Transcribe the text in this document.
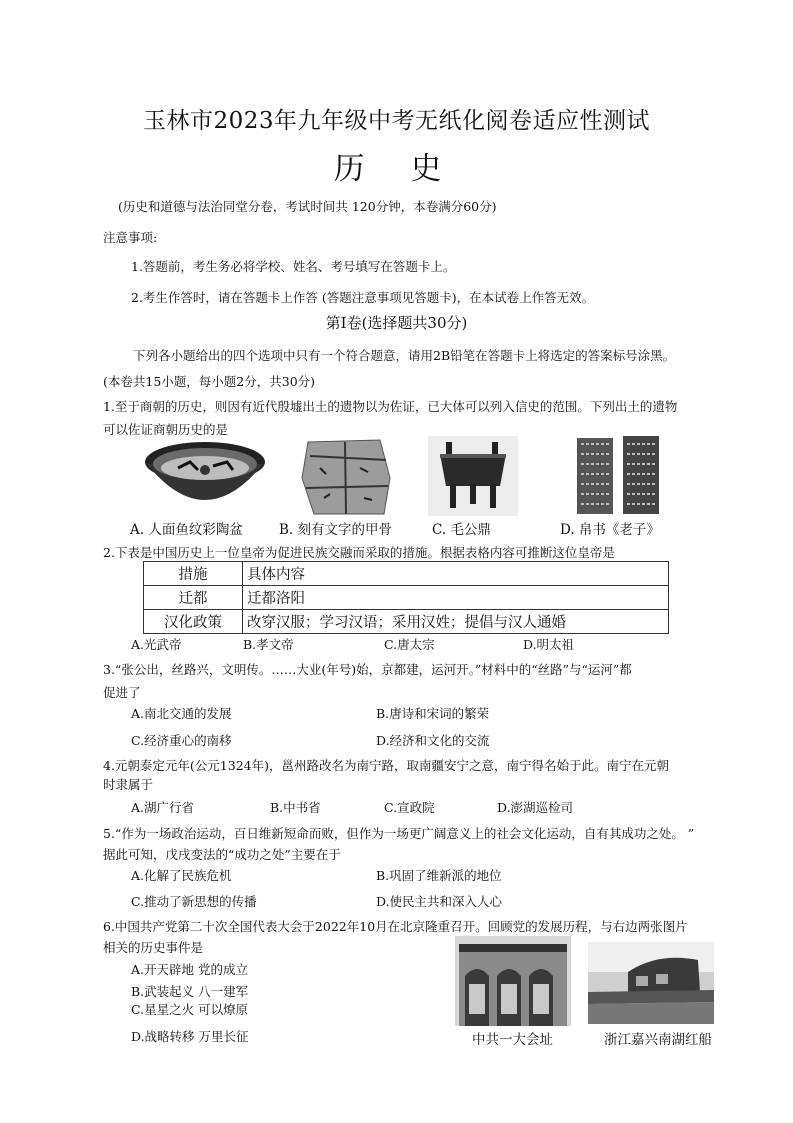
玉林市2023年九年级中考无纸化阅卷适应性测试
历 史
(历史和道德与法治同堂分卷，考试时间共 120分钟，本卷满分60分)
注意事项:
1.答题前，考生务必将学校、姓名、考号填写在答题卡上。
2.考生作答时，请在答题卡上作答 (答题注意事项见答题卡)，在本试卷上作答无效。
第Ⅰ卷(选择题共30分)
下列各小题给出的四个选项中只有一个符合题意，请用2B铅笔在答题卡上将选定的答案标号涂黑。
(本卷共15小题，每小题2分，共30分)
1.至于商朝的历史，则因有近代殷墟出土的遗物以为佐证，已大体可以列入信史的范围。下列出土的遗物
可以佐证商朝历史的是
A. 人面鱼纹彩陶盆	B. 刻有文字的甲骨	C. 毛公鼎	D. 帛书《老子》
2.下表是中国历史上一位皇帝为促进民族交融而采取的措施。根据表格内容可推断这位皇帝是
措施	具体内容
迁都	迁都洛阳
汉化政策	改穿汉服；学习汉语；采用汉姓；提倡与汉人通婚
A.光武帝	B.孝文帝	C.唐太宗	D.明太祖
3.“张公出，丝路兴，文明传。……大业(年号)始，京都建，运河开。”材料中的“丝路”与“运河”都
促进了
A.南北交通的发展	B.唐诗和宋词的繁荣
C.经济重心的南移	D.经济和文化的交流
4.元朝泰定元年(公元1324年)，邕州路改名为南宁路，取南疆安宁之意，南宁得名始于此。南宁在元朝
时隶属于
A.湖广行省	B.中书省	C.宣政院	D.澎湖巡检司
5.“作为一场政治运动，百日维新短命而败，但作为一场更广阔意义上的社会文化运动，自有其成功之处。 ”
据此可知，戊戌变法的“成功之处”主要在于
A.化解了民族危机	B.巩固了维新派的地位
C.推动了新思想的传播	D.使民主共和深入人心
6.中国共产党第二十次全国代表大会于2022年10月在北京隆重召开。回顾党的发展历程，与右边两张图片
相关的历史事件是
A.开天辟地 党的成立
B.武装起义 八一建军
C.星星之火 可以燎原
D.战略转移 万里长征	中共一大会址	浙江嘉兴南湖红船
